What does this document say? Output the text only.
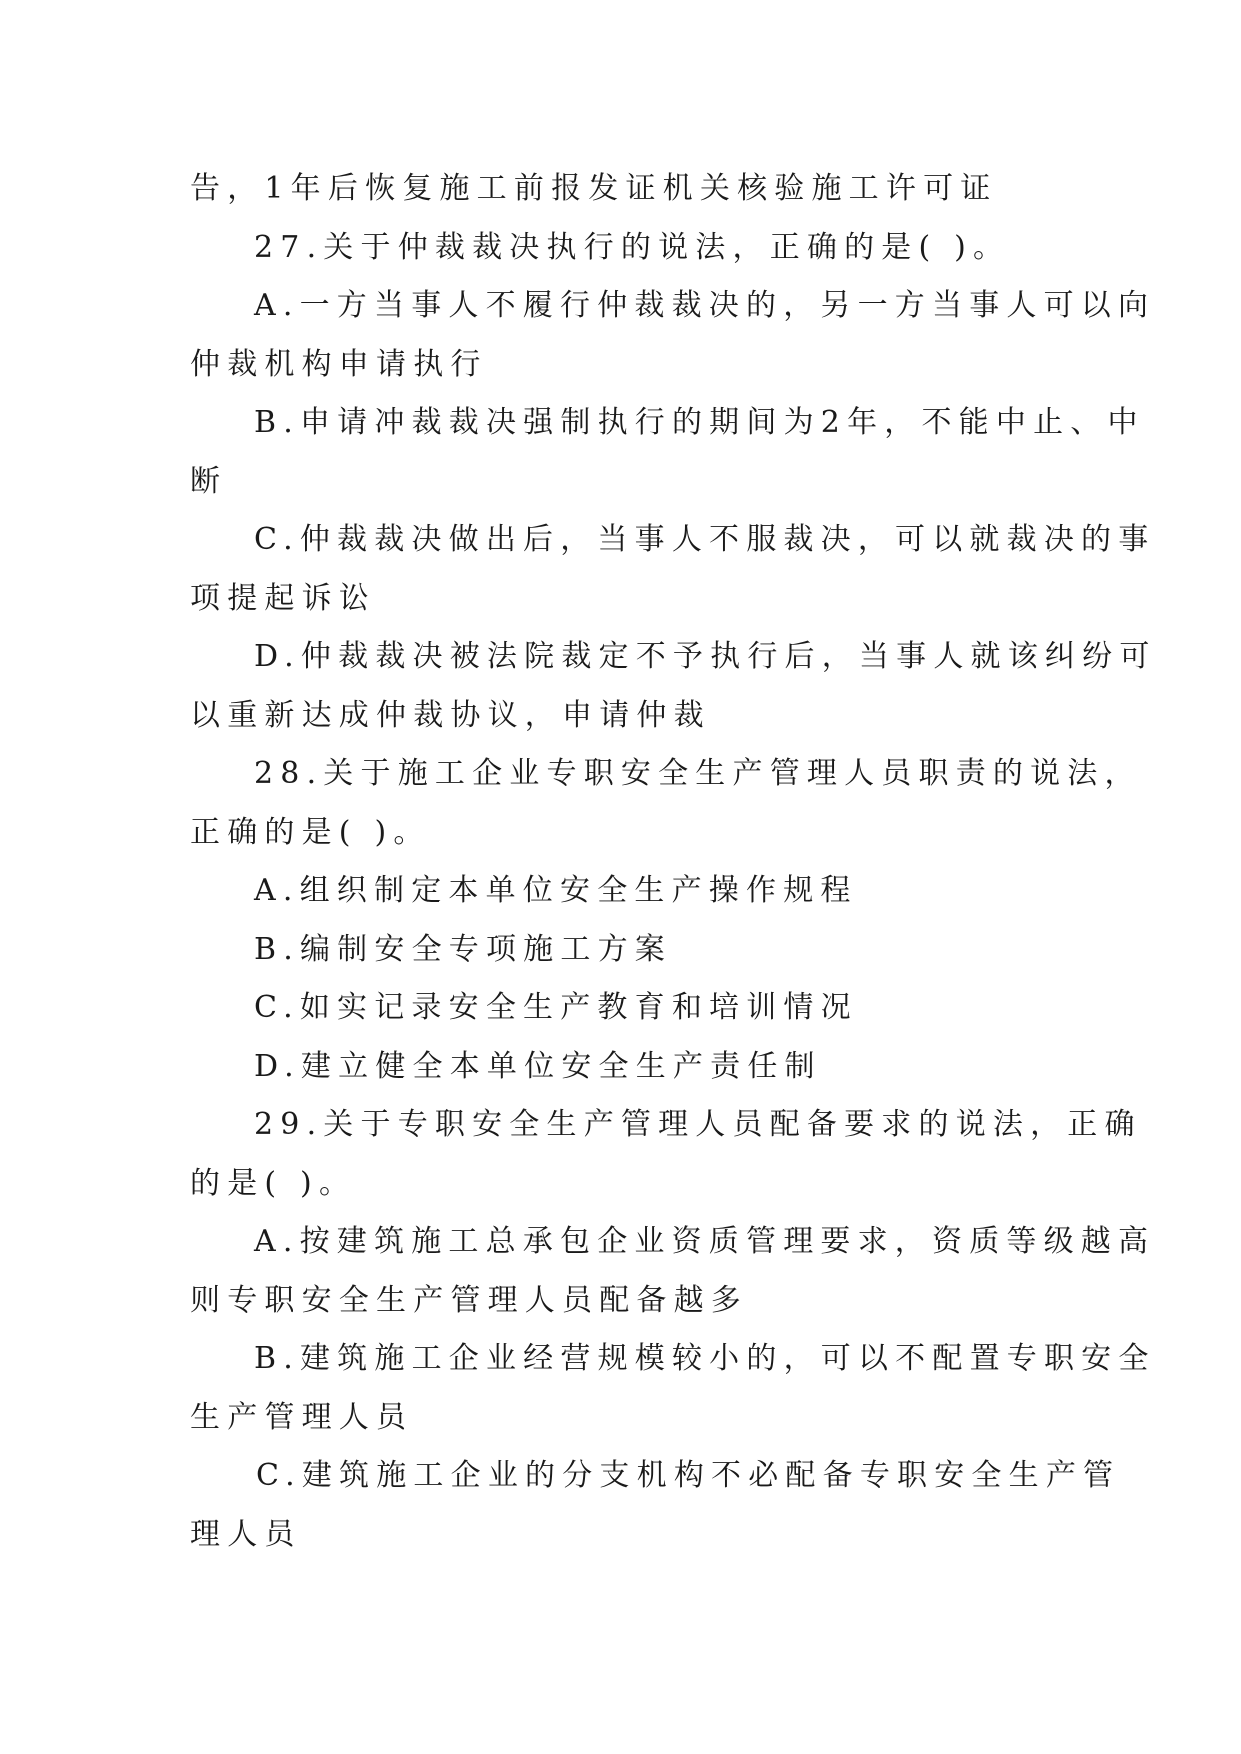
告，1年后恢复施工前报发证机关核验施工许可证
27.关于仲裁裁决执行的说法，正确的是( )。
A.一方当事人不履行仲裁裁决的，另一方当事人可以向
仲裁机构申请执行
B.申请冲裁裁决强制执行的期间为2年，不能中止、中
断
C.仲裁裁决做出后，当事人不服裁决，可以就裁决的事
项提起诉讼
D.仲裁裁决被法院裁定不予执行后，当事人就该纠纷可
以重新达成仲裁协议，申请仲裁
28.关于施工企业专职安全生产管理人员职责的说法，
正确的是( )。
A.组织制定本单位安全生产操作规程
B.编制安全专项施工方案
C.如实记录安全生产教育和培训情况
D.建立健全本单位安全生产责任制
29.关于专职安全生产管理人员配备要求的说法，正确
的是( )。
A.按建筑施工总承包企业资质管理要求，资质等级越高
则专职安全生产管理人员配备越多
B.建筑施工企业经营规模较小的，可以不配置专职安全
生产管理人员
C.建筑施工企业的分支机构不必配备专职安全生产管
理人员
